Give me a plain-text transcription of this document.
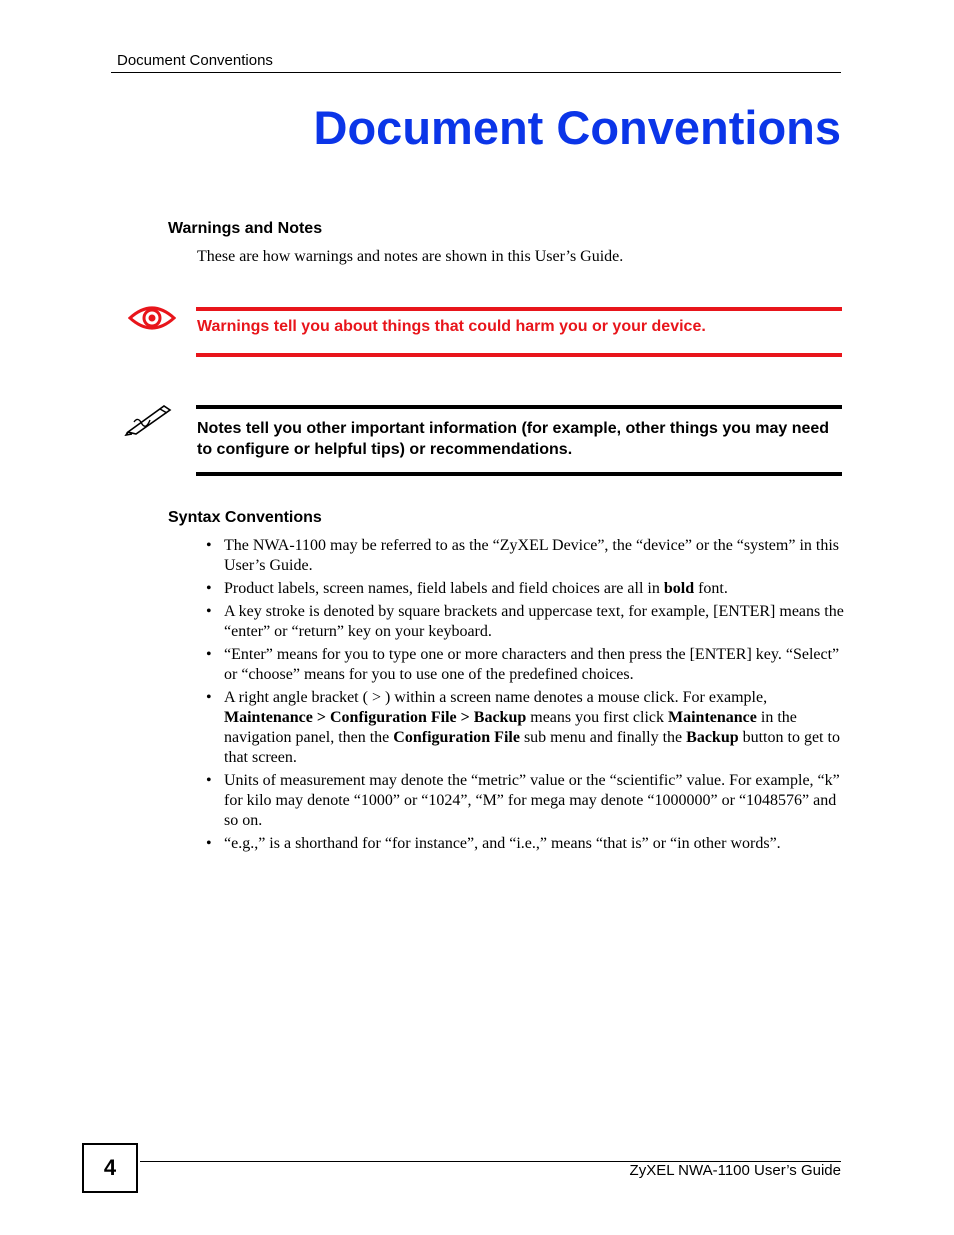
Document Conventions
Document Conventions
Warnings and Notes
These are how warnings and notes are shown in this User’s Guide.
Warnings tell you about things that could harm you or your device.
Notes tell you other important information (for example, other things you may need to configure or helpful tips) or recommendations.
Syntax Conventions
• The NWA-1100 may be referred to as the “ZyXEL Device”, the “device” or the “system” in this User’s Guide.
• Product labels, screen names, field labels and field choices are all in bold font.
• A key stroke is denoted by square brackets and uppercase text, for example, [ENTER] means the “enter” or “return” key on your keyboard.
• “Enter” means for you to type one or more characters and then press the [ENTER] key. “Select” or “choose” means for you to use one of the predefined choices.
• A right angle bracket ( > ) within a screen name denotes a mouse click. For example, Maintenance > Configuration File > Backup means you first click Maintenance in the navigation panel, then the Configuration File sub menu and finally the Backup button to get to that screen.
• Units of measurement may denote the “metric” value or the “scientific” value. For example, “k” for kilo may denote “1000” or “1024”, “M” for mega may denote “1000000” or “1048576” and so on.
• “e.g.,” is a shorthand for “for instance”, and “i.e.,” means “that is” or “in other words”.
4	ZyXEL NWA-1100 User’s Guide
